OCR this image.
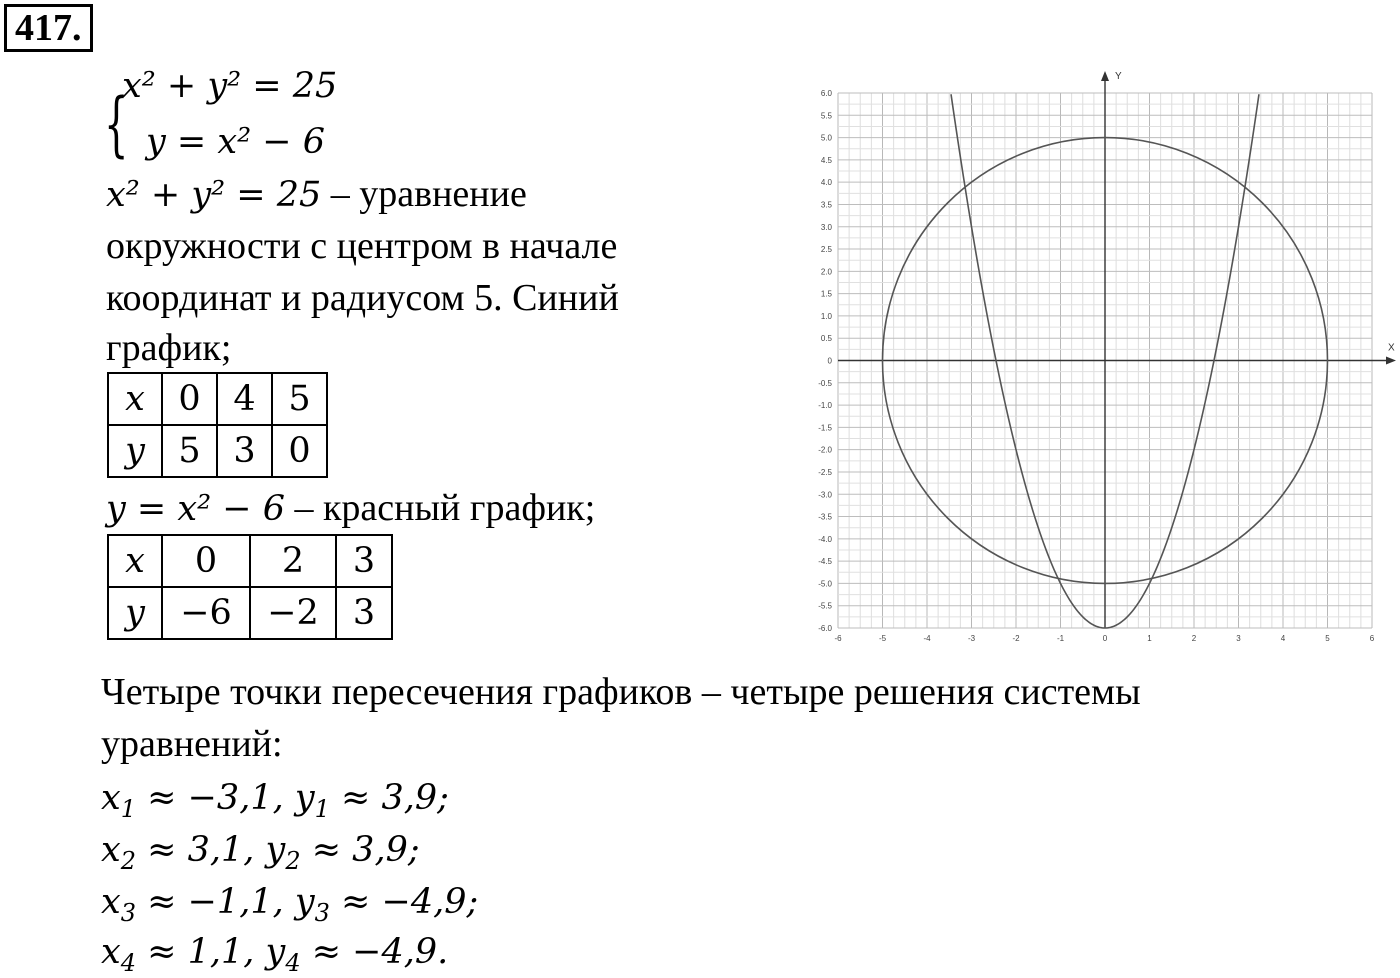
417.
{
x² + y² = 25
y = x² − 6
x² + y² = 25 – уравнение
окружности с центром в начале
координат и радиусом 5. Синий
график;
x	0	4	5
y	5	3	0
y = x² − 6 – красный график;
x	0	2	3
y	−6	−2	3
X
Y
-6	-5	-4	-3	-2	-1	0	1	2	3	4	5	6
6.0
5.5
5.0
4.5
4.0
3.5
3.0
2.5
2.0
1.5
1.0
0.5
0
-0.5
-1.0
-1.5
-2.0
-2.5
-3.0
-3.5
-4.0
-4.5
-5.0
-5.5
-6.0
Четыре точки пересечения графиков – четыре решения системы
уравнений:
$x_1 \approx -3,1$, $y_1 \approx 3,9$;
$x_2 \approx 3,1$, $y_2 \approx 3,9$;
$x_3 \approx -1,1$, $y_3 \approx -4,9$;
$x_4 \approx 1,1$, $y_4 \approx -4,9$.
